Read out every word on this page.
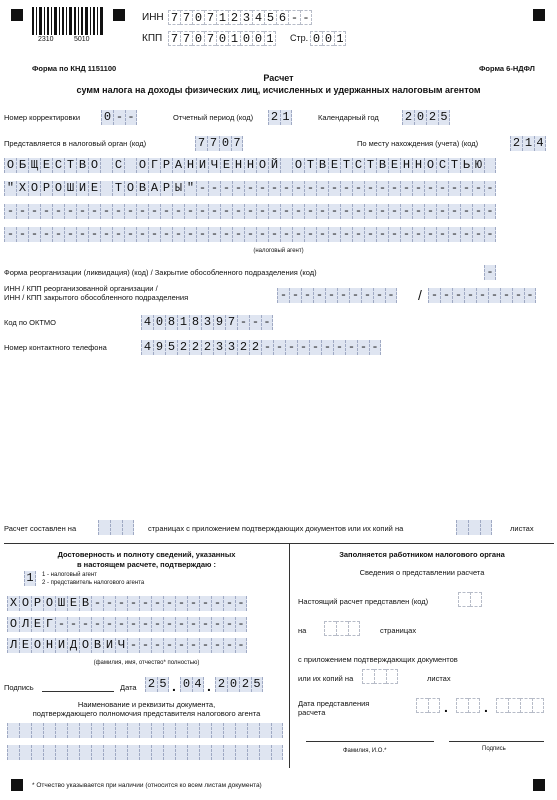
2310	5010
ИНН 7 7 0 7 1 2 3 4 5 6 - -
КПП 7 7 0 7 0 1 0 0 1 Стр. 0 0 1
Форма по КНД 1151100	Форма 6-НДФЛ
Расчет
сумм налога на доходы физических лиц, исчисленных и удержанных налоговым агентом
Номер корректировки 0 - -	Отчетный период (код) 2 1	Календарный год 2 0 2 5
Представляется в налоговый орган (код)	7 7 0 7	По месту нахождения (учета) (код)	2 1 4
О Б Щ Е С Т В О С О Г Р А Н И Ч Е Н Н О Й О Т В Е Т С Т В Е Н Н О С Т Ь Ю
" Х О Р О Ш И Е Т О В А Р Ы " - - - - - - - - - - - - - - - - - - - - - - - - -
- - - - - - - - - - - - - - - - - - - - - - - - - - - - - - - - - - - - - - - - -
- - - - - - - - - - - - - - - - - - - - - - - - - - - - - - - - - - - - - - - - -
(налоговый агент)
Форма реорганизации (ликвидация) (код) / Закрытие обособленного подразделения (код)	-
ИНН / КПП реорганизованной организации /
ИНН / КПП закрытого обособленного подразделения	- - - - - - - - - - / - - - - - - - - -
Код по ОКТМО	4 0 8 1 8 3 9 7 - - -
Номер контактного телефона	4 9 5 2 2 2 3 3 2 2 - - - - - - - - - -
Расчет составлен на	страницах с приложением подтверждающих документов или их копий на	листах
Достоверность и полноту сведений, указанных
в настоящем расчете, подтверждаю :
1	1 - налоговый агент
2 - представитель налогового агента
Х О Р О Ш Е В - - - - - - - - - - - - -
О Л Е Г - - - - - - - - - - - - - - - -
Л Е О Н И Д О В И Ч - - - - - - - - - -
(фамилия, имя, отчество* полностью)
Подпись	Дата 2 5 . 0 4 . 2 0 2 5
Наименование и реквизиты документа,
подтверждающего полномочия представителя налогового агента
Заполняется работником налогового органа
Сведения о представлении расчета
Настоящий расчет представлен (код)
на	страницах
с приложением подтверждающих документов
или их копий на	листах
Дата представления
расчета	.	.
Фамилия, И.О.*	Подпись
* Отчество указывается при наличии (относится ко всем листам документа)
